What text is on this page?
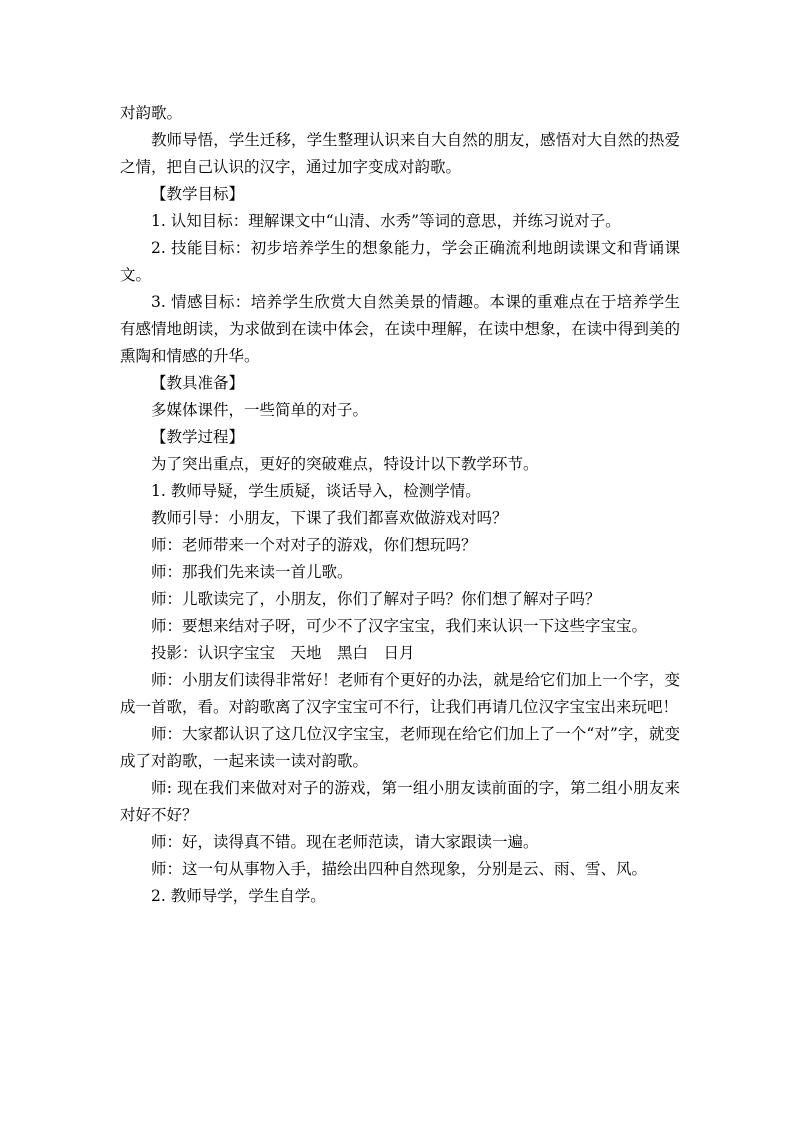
对韵歌。

教师导悟，学生迁移，学生整理认识来自大自然的朋友，感悟对大自然的热爱之情，把自己认识的汉字，通过加字变成对韵歌。

【教学目标】

1. 认知目标：理解课文中“山清、水秀”等词的意思，并练习说对子。

2. 技能目标：初步培养学生的想象能力，学会正确流利地朗读课文和背诵课文。

3. 情感目标：培养学生欣赏大自然美景的情趣。本课的重难点在于培养学生有感情地朗读，为求做到在读中体会，在读中理解，在读中想象，在读中得到美的熏陶和情感的升华。

【教具准备】

多媒体课件，一些简单的对子。

【教学过程】

为了突出重点，更好的突破难点，特设计以下教学环节。

1. 教师导疑，学生质疑，谈话导入，检测学情。

教师引导：小朋友，下课了我们都喜欢做游戏对吗？

师：老师带来一个对对子的游戏，你们想玩吗？

师：那我们先来读一首儿歌。

师：儿歌读完了，小朋友，你们了解对子吗？你们想了解对子吗？

师：要想来结对子呀，可少不了汉字宝宝，我们来认识一下这些字宝宝。

投影：认识字宝宝　天地　黑白　日月

师：小朋友们读得非常好！老师有个更好的办法，就是给它们加上一个字，变成一首歌，看。对韵歌离了汉字宝宝可不行，让我们再请几位汉字宝宝出来玩吧！

师：大家都认识了这几位汉字宝宝，老师现在给它们加上了一个“对”字，就变成了对韵歌，一起来读一读对韵歌。

师: 现在我们来做对对子的游戏，第一组小朋友读前面的字，第二组小朋友来对好不好？

师：好，读得真不错。现在老师范读，请大家跟读一遍。

师：这一句从事物入手，描绘出四种自然现象，分别是云、雨、雪、风。

2. 教师导学，学生自学。
